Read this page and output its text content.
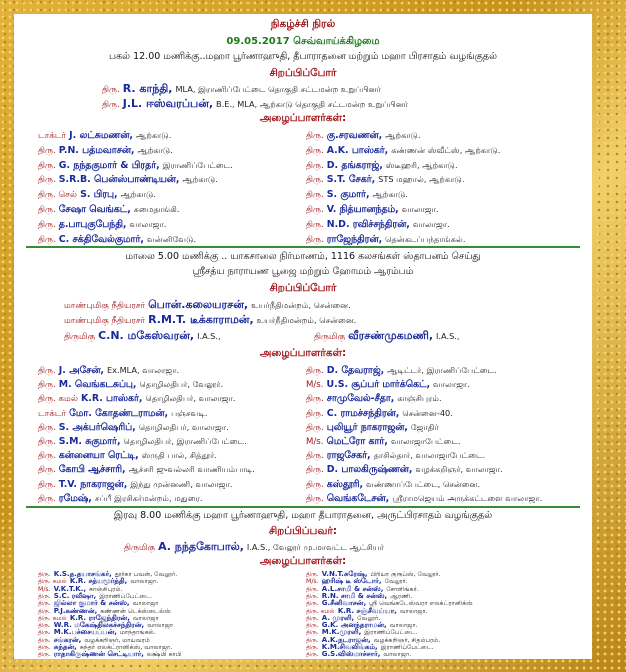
நிகழ்ச்சி நிரல்
09.05.2017 செவ்வாய்க்கிழமை
பகல் 12.00 மணிக்கு..மஹா பூர்ணாஹுதி, தீபாராதனை மற்றும் மஹா பிரசாதம் வழங்குதல்
சிறப்பிப்போர்
திரு. R. காந்தி, MLA, இராணிப்பேட்டை தொகுதி சட்டமன்ற உறுப்பினர்
திரு. J.L. ஈஸ்வரப்பன், B.E., MLA, ஆற்காடு தொகுதி சட்டமன்ற உறுப்பினர்
அழைப்பாளர்கள்:
டாக்டர் J. லட்சுமணன், ஆற்காடு.
திரு. P.N. பத்மவாசன், ஆற்காடு.
திரு. G. நந்தகுமார் & பிரதர், இராணிப்பேட்டை.
திரு. S.R.B. பென்ஸ்பாண்டியன், ஆற்காடு.
திரு. செல் S. பிரபு, ஆற்காடு.
திரு. சேஷா வெங்கட், சுமைதாங்கி.
திரு. த.பாபுகுபேந்தி, வாலாஜா.
திரு. C. சக்திவேல்குமார், வன்னிவேடு.
திரு. கு.சரவணன், ஆற்காடு.
திரு. A.K. பாஸ்கர், கண்ணன் ஸ்வீட்ஸ், ஆற்காடு.
திரு. D. தங்கராஜ், ஸ்டீஹரி, ஆற்காடு.
திரு. S.T. சேகர், STS மஹால், ஆற்காடு.
திரு. S. குமார், ஆற்காடு.
திரு. V. நித்யானந்தம், வாலாஜா.
திரு. N.D. ரவிச்சந்திரன், வாலாஜா.
திரு. ராஜேந்திரன், தென்கடப்பந்தாங்கல்.
மாலை 5.00 மணிக்கு .. யாகசாலை நிர்மாணம், 1116 கலசங்கள் ஸ்தாபனம் செய்து
ஸ்ரீசத்ய நாராயண பூஜை மற்றும் ஹோமம் ஆரம்பம்
சிறப்பிப்போர்
மாண்புமிகு நீதியரசர் பொன்.கலையரசன், உயர்நீதிமன்றம், சென்னை.
மாண்புமிகு நீதியரசர் R.M.T. டீக்காராமன், உயர்நீதிமன்றம், சென்னை.
திருமிகு C.N. மகேஸ்வரன், I.A.S.,	திருமிகு வீரசண்முகமணி, I.A.S.,
அழைப்பாளர்கள்:
திரு. J. அசேன், Ex.MLA, வாலாஜா.
திரு. M. வெங்கடசுப்பு, தொழிலதிபர், வேலூர்.
திரு. கமல் K.R. பாஸ்கர், தொழிலதிபர், வாலாஜா.
டாக்டர் மோ. கோதண்டராமன், பஞ்சவடி.
திரு. S. அக்பர்ஷெரிப், தொழிலதிபர், வாலாஜா.
திரு. S.M. சுகுமார், தொழிலதிபர், இராணிப்பேட்டை.
திரு. கன்னையா ரெட்டி, ஸ்ருதி பால், சித்தூர்.
திரு. கோபி ஆச்சாரி, ஆச்சரி ஜுவல்லரி வாணியம்பாடி.
திரு. T.V. நாகராஜன், இந்து முன்னணி, வாலாஜா.
திரு. ரமேஷ், சப்பீ இரசிகர்மன்றம், மதுரை.
திரு. D. தேவராஜ், ஆடிட்டர், இராணிப்பேட்டை.
M/s. U.S. சூப்பர் மார்க்கெட், வாலாஜா.
திரு. சாமுவேல்-சீதா, காஞ்சிபுரம்.
திரு. C. ராமச்சந்திரன், சென்னை-40.
திரு. புலியூர் நாகராஜன், ஜோதிர்
M/s. மெட்ரோ கார், வாலாஜாபேட்டை.
திரு. ராஜசேகர், தாசில்தார், வாலாஜாபேட்டை.
திரு. D. பாலகிருஷ்ணன், வழக்கறிஞர், வாலாஜா.
திரு. கஸ்தூரி, வண்ணாப்பேட்டை, சென்னை.
திரு. வெங்கடேசன், ஸ்ரீராமஜெயம் அருக்கட்டளை வாலாஜா.
இரவு 8.00 மணிக்கு மஹா பூர்ணாஹுதி, மஹா தீபாராதனை, அருட்பிரசாதம் வழங்குதல்
சிறப்பிப்பவர்:
திருமிகு A. நந்தகோபால், I.A.S., வேலூர் மு.மாவட்ட ஆட்சியர்
அழைப்பாளர்கள்:
திரு. K.S.த.தயாசங்கர், தூர்கா பவன், வேலூர்.
திரு. கமல் K.R. சத்யமூர்த்தி, வாலாஜா.
M/s. V.K.T.K., காஞ்சிபுரம்.
திரு. S.C. ரவீஷா, இராணிப்பேட்டை.
திரு. ஜில்லா குமார் & சன்ஸ், வாலாஜா
திரு. P.J.கண்ணன், கண்ணன் டெக்ஸ்டைல்ஸ்
திரு. கமல் K.R. ராஜேந்திரன், வாலாஜா
திரு. W.R. மகேஷ்திலகச்சந்திரன், வாலாஜா
திரு. M.K.பச்சையப்பன், மாந்தாங்கல்.
திரு. சங்கரன், வழக்கறிஞர், மாயவரம்
திரு. சுந்தன், சுந்தர் எலக்ட்ரானிக்ஸ், வாலாஜா.
திரு. ராதாகிருஷ்ணன் செட்டியார், லக்ஷ்மி காபி
திரு. V.N.T.சுரேஷ், பிரியா குரூப்ஸ், வேலூர்.
M/s. ஹரிஷ் டீ ஸ்டோர், வேலூர்.
திரு. A.L.சாமி & சன்ஸ், சோளிங்கர்.
திரு. R.N. சாமி & சன்ஸ், ஆரணி.
திரு. G.சீனிவாசன், ஸ்ரீ வெங்கடேஸ்வரா எலக்ட்ரானிக்ஸ்
திரு. கமல் K.R. சஞ்சீவய்யா, வாலாஜா.
திரு. A. முரளி, வேலூர்.
திரு. G.K. அனந்தராமன், வாலாஜா.
திரு. M.K.முரளி, இராணிப்பேட்டை.
திரு. A.K.நடராஜன், வழக்கறிஞர், சிதம்பரம்.
திரு. K.M.சிவலிங்கம், இராணிப்பேட்டை.
திரு. G.S.விஸ்மாச்சார், வாலாஜா.
